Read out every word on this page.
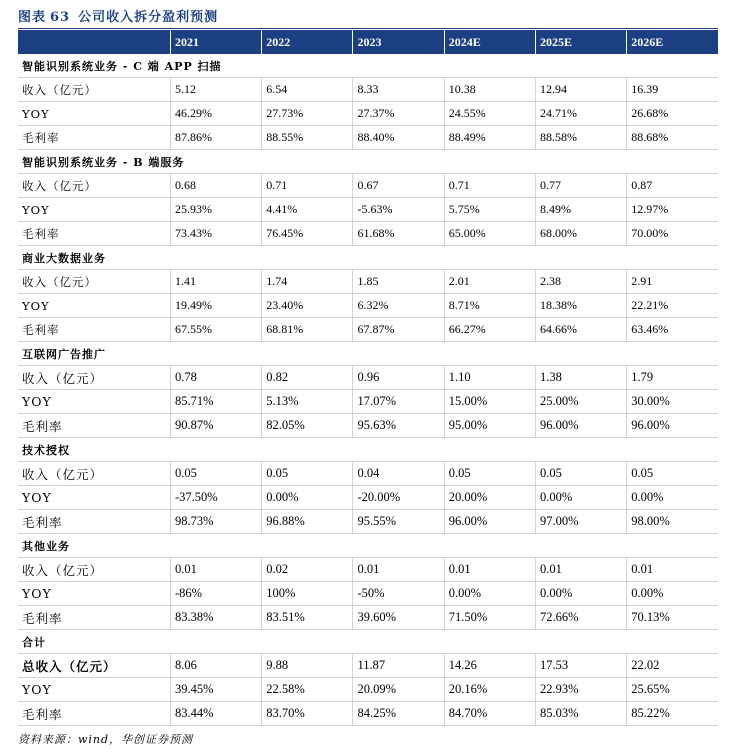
图表 63 公司收入拆分盈利预测
	2021	2022	2023	2024E	2025E	2026E
智能识别系统业务 - C 端 APP 扫描						
收入（亿元）	5.12	6.54	8.33	10.38	12.94	16.39
YOY	46.29%	27.73%	27.37%	24.55%	24.71%	26.68%
毛利率	87.86%	88.55%	88.40%	88.49%	88.58%	88.68%
智能识别系统业务 - B 端服务						
收入（亿元）	0.68	0.71	0.67	0.71	0.77	0.87
YOY	25.93%	4.41%	-5.63%	5.75%	8.49%	12.97%
毛利率	73.43%	76.45%	61.68%	65.00%	68.00%	70.00%
商业大数据业务						
收入（亿元）	1.41	1.74	1.85	2.01	2.38	2.91
YOY	19.49%	23.40%	6.32%	8.71%	18.38%	22.21%
毛利率	67.55%	68.81%	67.87%	66.27%	64.66%	63.46%
互联网广告推广						
收入（亿元）	0.78	0.82	0.96	1.10	1.38	1.79
YOY	85.71%	5.13%	17.07%	15.00%	25.00%	30.00%
毛利率	90.87%	82.05%	95.63%	95.00%	96.00%	96.00%
技术授权						
收入（亿元）	0.05	0.05	0.04	0.05	0.05	0.05
YOY	-37.50%	0.00%	-20.00%	20.00%	0.00%	0.00%
毛利率	98.73%	96.88%	95.55%	96.00%	97.00%	98.00%
其他业务						
收入（亿元）	0.01	0.02	0.01	0.01	0.01	0.01
YOY	-86%	100%	-50%	0.00%	0.00%	0.00%
毛利率	83.38%	83.51%	39.60%	71.50%	72.66%	70.13%
合计						
总收入（亿元）	8.06	9.88	11.87	14.26	17.53	22.02
YOY	39.45%	22.58%	20.09%	20.16%	22.93%	25.65%
毛利率	83.44%	83.70%	84.25%	84.70%	85.03%	85.22%
资料来源：wind，华创证券预测
